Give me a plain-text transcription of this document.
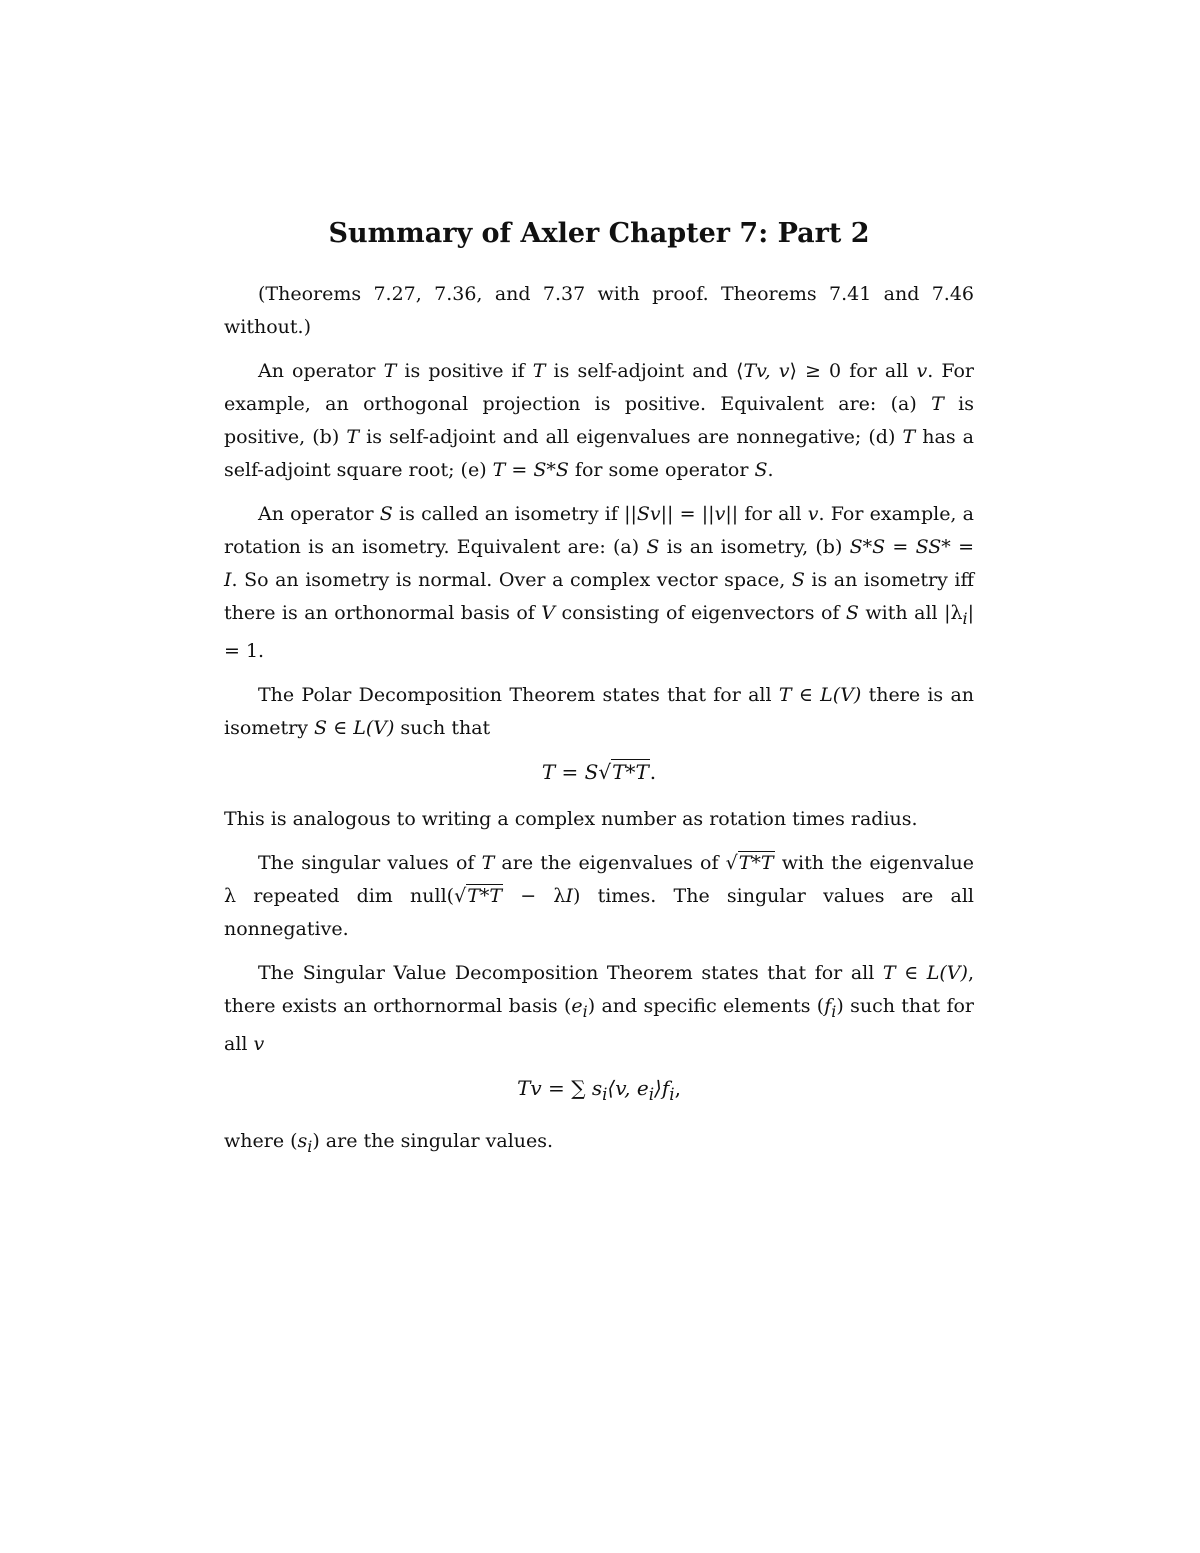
Summary of Axler Chapter 7: Part 2

(Theorems 7.27, 7.36, and 7.37 with proof. Theorems 7.41 and 7.46 without.)

An operator T is positive if T is self-adjoint and ⟨Tv, v⟩ ≥ 0 for all v. For example, an orthogonal projection is positive. Equivalent are: (a) T is positive, (b) T is self-adjoint and all eigenvalues are nonnegative; (d) T has a self-adjoint square root; (e) T = S*S for some operator S.

An operator S is called an isometry if ||Sv|| = ||v|| for all v. For example, a rotation is an isometry. Equivalent are: (a) S is an isometry, (b) S*S = SS* = I. So an isometry is normal. Over a complex vector space, S is an isometry iff there is an orthonormal basis of V consisting of eigenvectors of S with all $|\lambda_i| = 1$.

The Polar Decomposition Theorem states that for all T ∈ L(V) there is an isometry S ∈ L(V) such that

T = S√T*T.

This is analogous to writing a complex number as rotation times radius.

The singular values of T are the eigenvalues of √T*T with the eigenvalue λ repeated dim null(√T*T − λI) times. The singular values are all nonnegative.

The Singular Value Decomposition Theorem states that for all T ∈ L(V), there exists an orthornormal basis $(e_i)$ and specific elements $(f_i)$ such that for all v

Tv = ∑ $s_i⟨v$, $e_i⟩f_i$,

where $(s_i)$ are the singular values.
